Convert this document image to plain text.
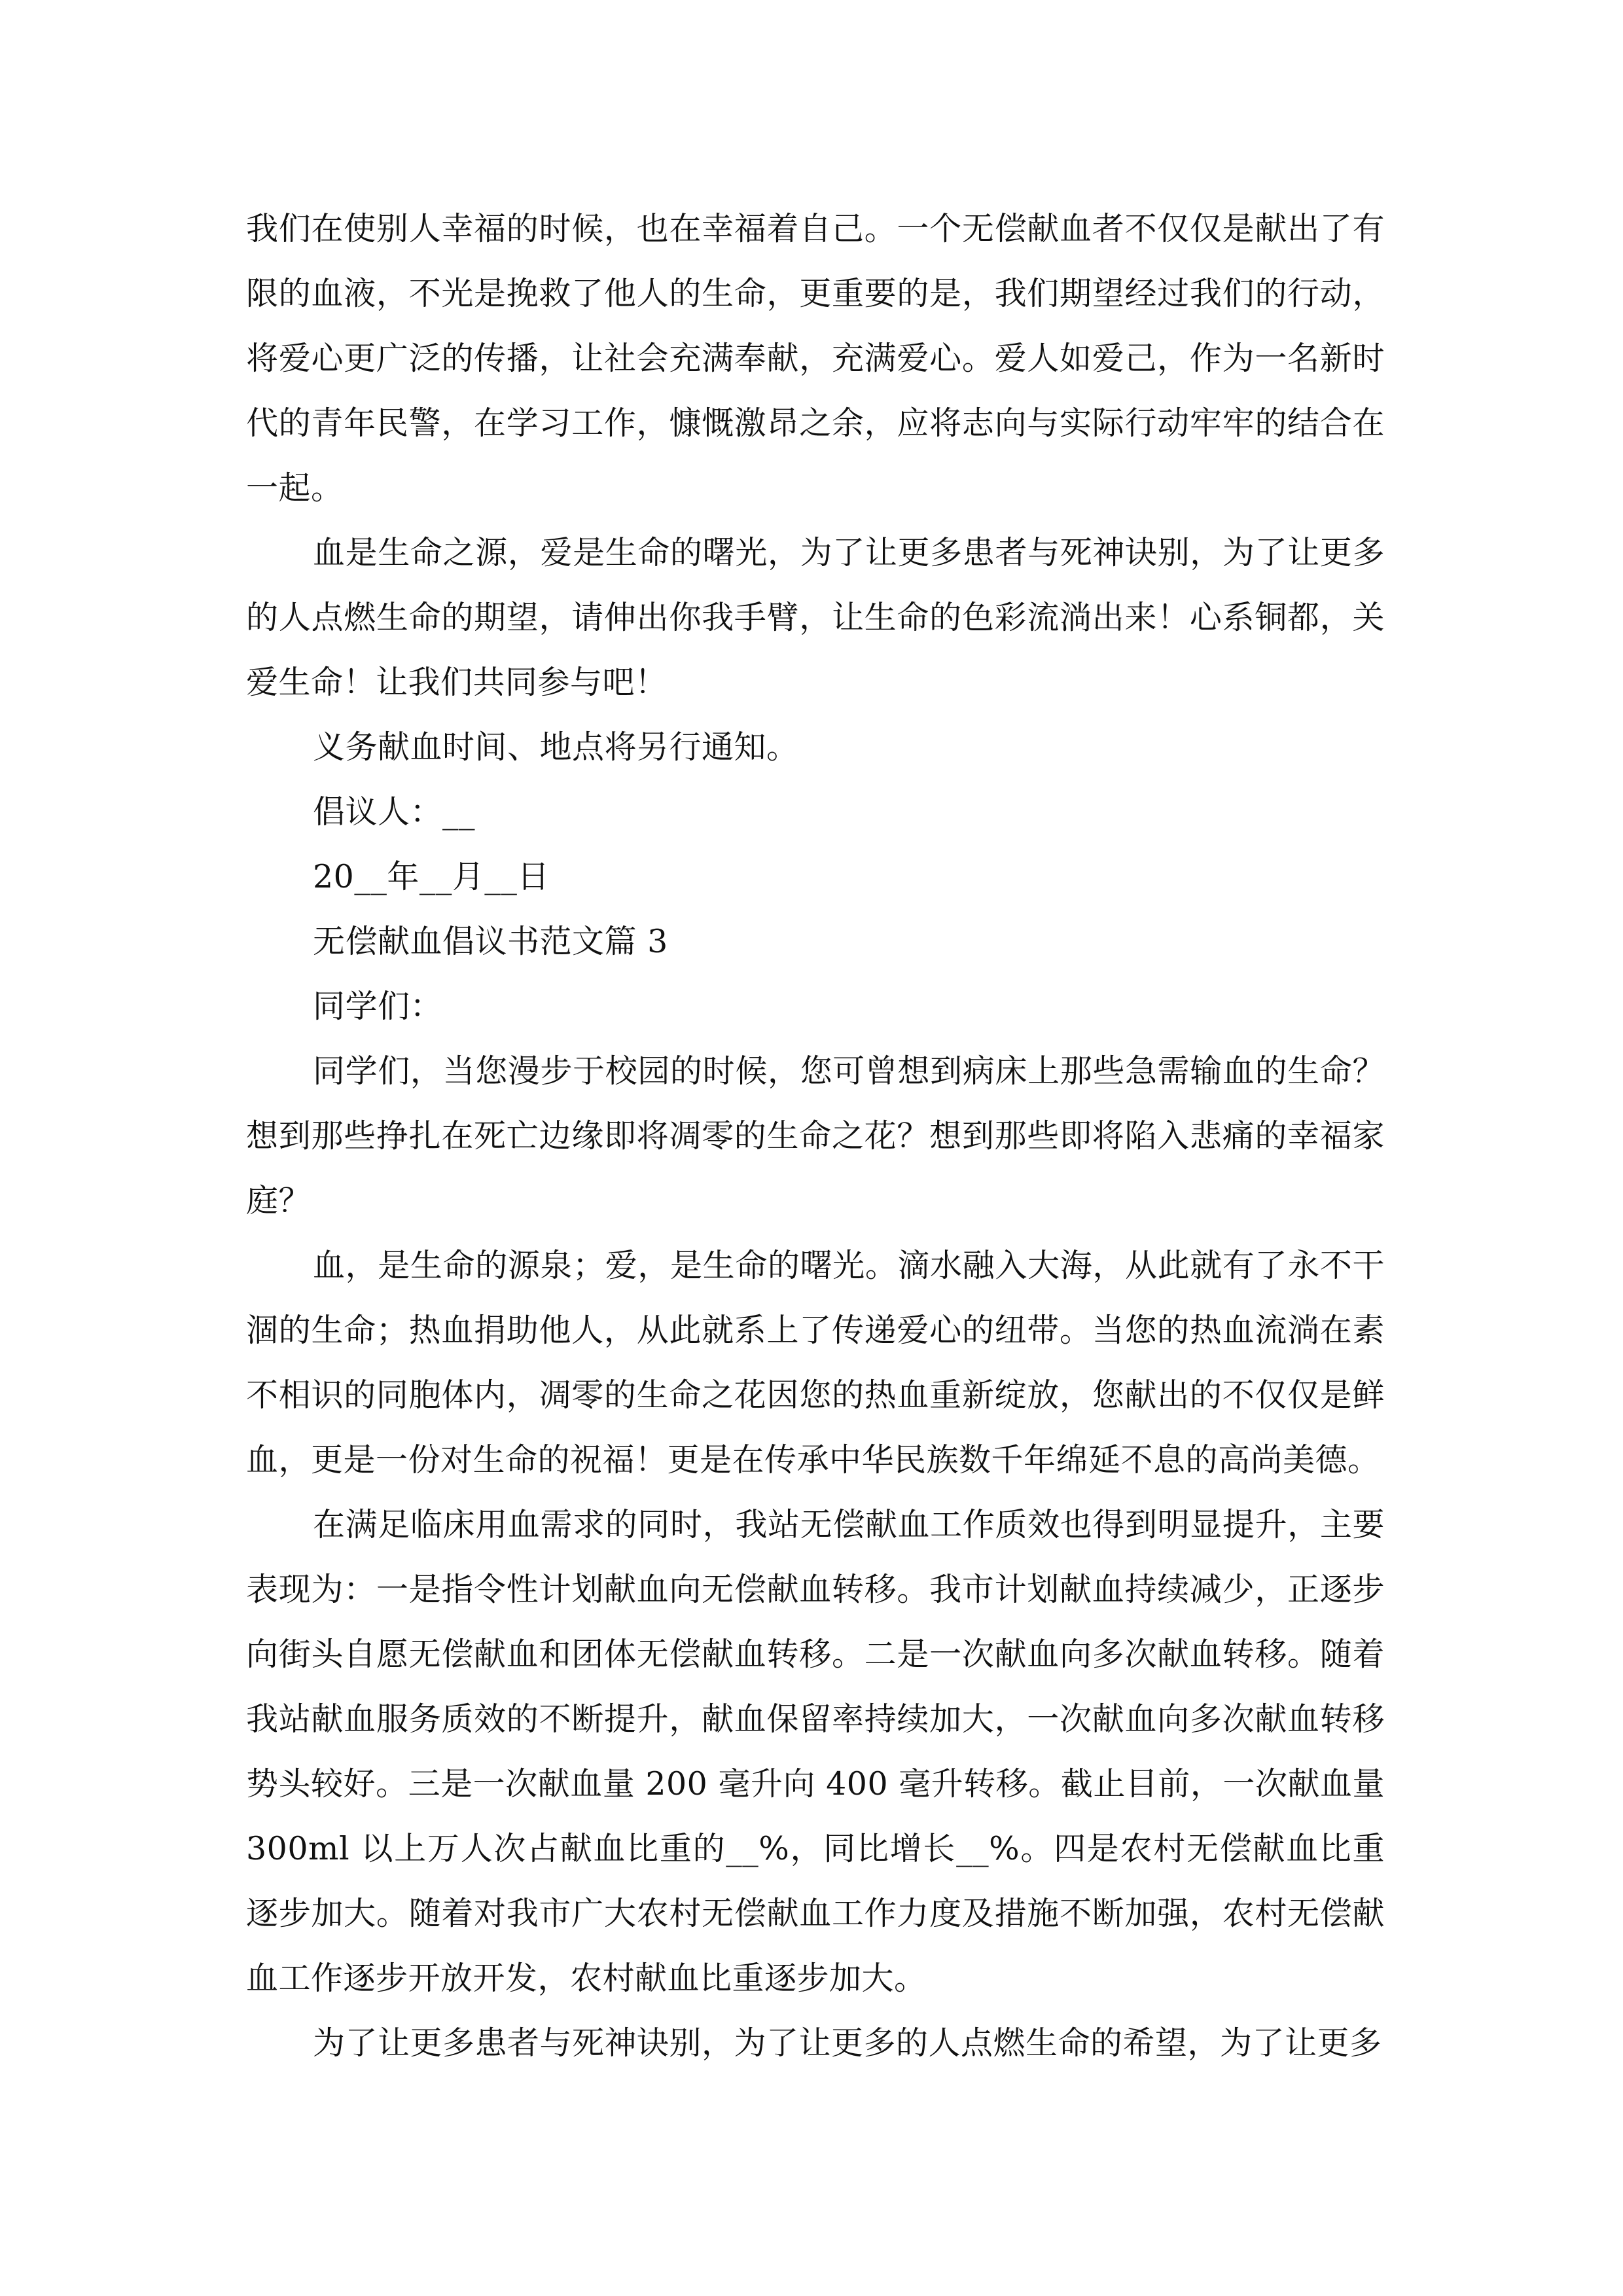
我们在使别人幸福的时候，也在幸福着自己。一个无偿献血者不仅仅是献出了有限的血液，不光是挽救了他人的生命，更重要的是，我们期望经过我们的行动，将爱心更广泛的传播，让社会充满奉献，充满爱心。爱人如爱己，作为一名新时代的青年民警，在学习工作，慷慨激昂之余，应将志向与实际行动牢牢的结合在一起。

血是生命之源，爱是生命的曙光，为了让更多患者与死神诀别，为了让更多的人点燃生命的期望，请伸出你我手臂，让生命的色彩流淌出来！心系铜都，关爱生命！让我们共同参与吧！

义务献血时间、地点将另行通知。

倡议人：__

20__年__月__日

无偿献血倡议书范文篇 3

同学们：

同学们，当您漫步于校园的时候，您可曾想到病床上那些急需输血的生命？想到那些挣扎在死亡边缘即将凋零的生命之花？想到那些即将陷入悲痛的幸福家庭？

血，是生命的源泉；爱，是生命的曙光。滴水融入大海，从此就有了永不干涸的生命；热血捐助他人，从此就系上了传递爱心的纽带。当您的热血流淌在素不相识的同胞体内，凋零的生命之花因您的热血重新绽放，您献出的不仅仅是鲜血，更是一份对生命的祝福！更是在传承中华民族数千年绵延不息的高尚美德。

在满足临床用血需求的同时，我站无偿献血工作质效也得到明显提升，主要表现为：一是指令性计划献血向无偿献血转移。我市计划献血持续减少，正逐步向街头自愿无偿献血和团体无偿献血转移。二是一次献血向多次献血转移。随着我站献血服务质效的不断提升，献血保留率持续加大，一次献血向多次献血转移势头较好。三是一次献血量 200 毫升向 400 毫升转移。截止目前，一次献血量 300ml 以上万人次占献血比重的__%，同比增长__%。四是农村无偿献血比重逐步加大。随着对我市广大农村无偿献血工作力度及措施不断加强，农村无偿献血工作逐步开放开发，农村献血比重逐步加大。

为了让更多患者与死神诀别，为了让更多的人点燃生命的希望，为了让更多
